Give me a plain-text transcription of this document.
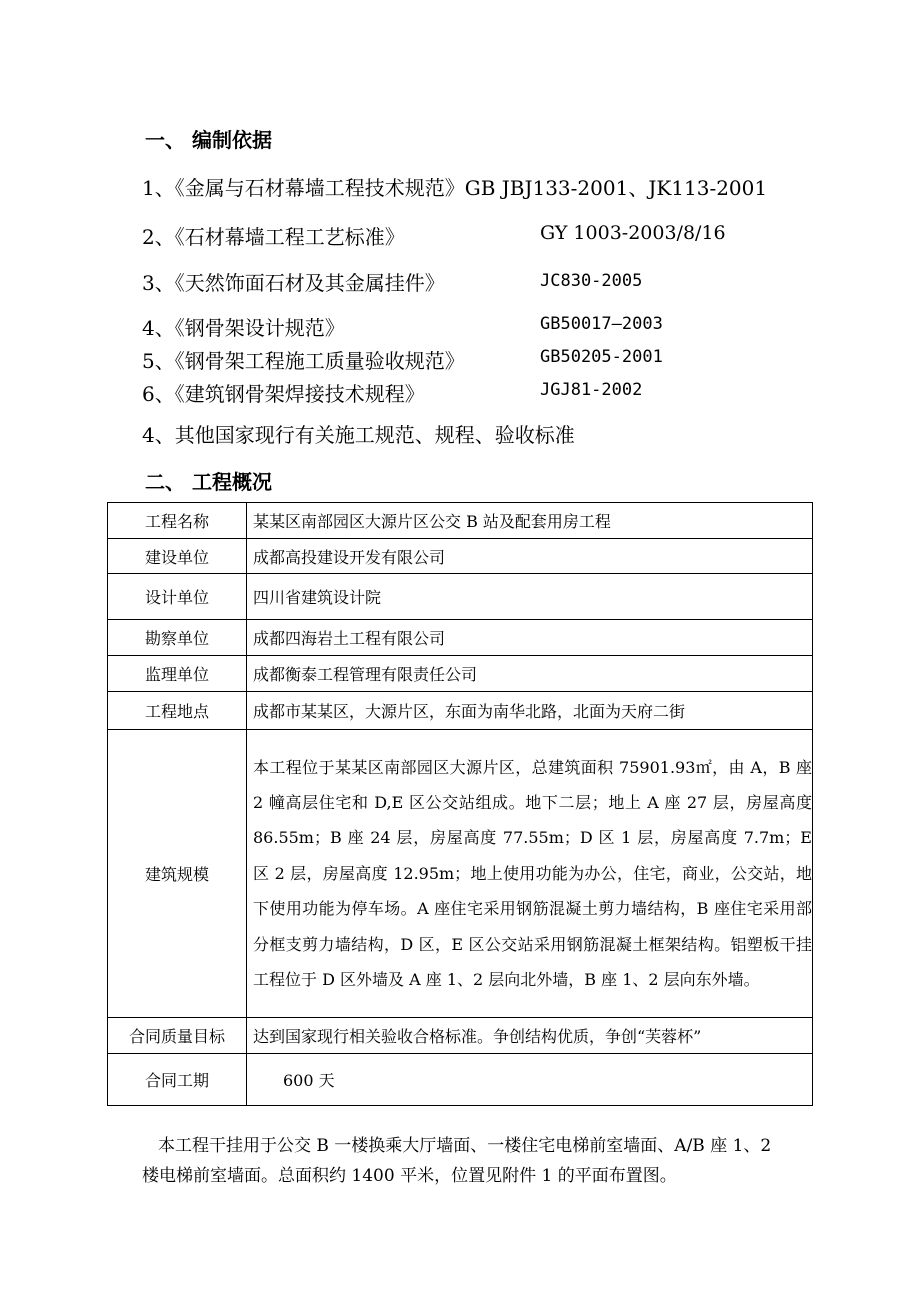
一、 编制依据
1、《金属与石材幕墙工程技术规范》GB JBJ133-2001、JK113-2001
2、《石材幕墙工程工艺标准》	GY 1003-2003/8/16
3、《天然饰面石材及其金属挂件》	JC830-2005
4、《钢骨架设计规范》	GB50017—2003
5、《钢骨架工程施工质量验收规范》	GB50205-2001
6、《建筑钢骨架焊接技术规程》	JGJ81-2002
4、其他国家现行有关施工规范、规程、验收标准
二、 工程概况
工程名称	某某区南部园区大源片区公交 B 站及配套用房工程
建设单位	成都高投建设开发有限公司
设计单位	四川省建筑设计院
勘察单位	成都四海岩土工程有限公司
监理单位	成都衡泰工程管理有限责任公司
工程地点	成都市某某区，大源片区，东面为南华北路，北面为天府二街
建筑规模	本工程位于某某区南部园区大源片区，总建筑面积 75901.93㎡，由 A，B 座 2 幢高层住宅和 D,E 区公交站组成。地下二层；地上 A 座 27 层，房屋高度 86.55m；B 座 24 层，房屋高度 77.55m；D 区 1 层，房屋高度 7.7m；E 区 2 层，房屋高度 12.95m；地上使用功能为办公，住宅，商业，公交站，地下使用功能为停车场。A 座住宅采用钢筋混凝土剪力墙结构，B 座住宅采用部分框支剪力墙结构，D 区，E 区公交站采用钢筋混凝土框架结构。铝塑板干挂工程位于 D 区外墙及 A 座 1、2 层向北外墙，B 座 1、2 层向东外墙。
合同质量目标	达到国家现行相关验收合格标准。争创结构优质，争创“芙蓉杯”
合同工期	600 天
本工程干挂用于公交 B 一楼换乘大厅墙面、一楼住宅电梯前室墙面、A/B 座 1、2 楼电梯前室墙面。总面积约 1400 平米，位置见附件 1 的平面布置图。
